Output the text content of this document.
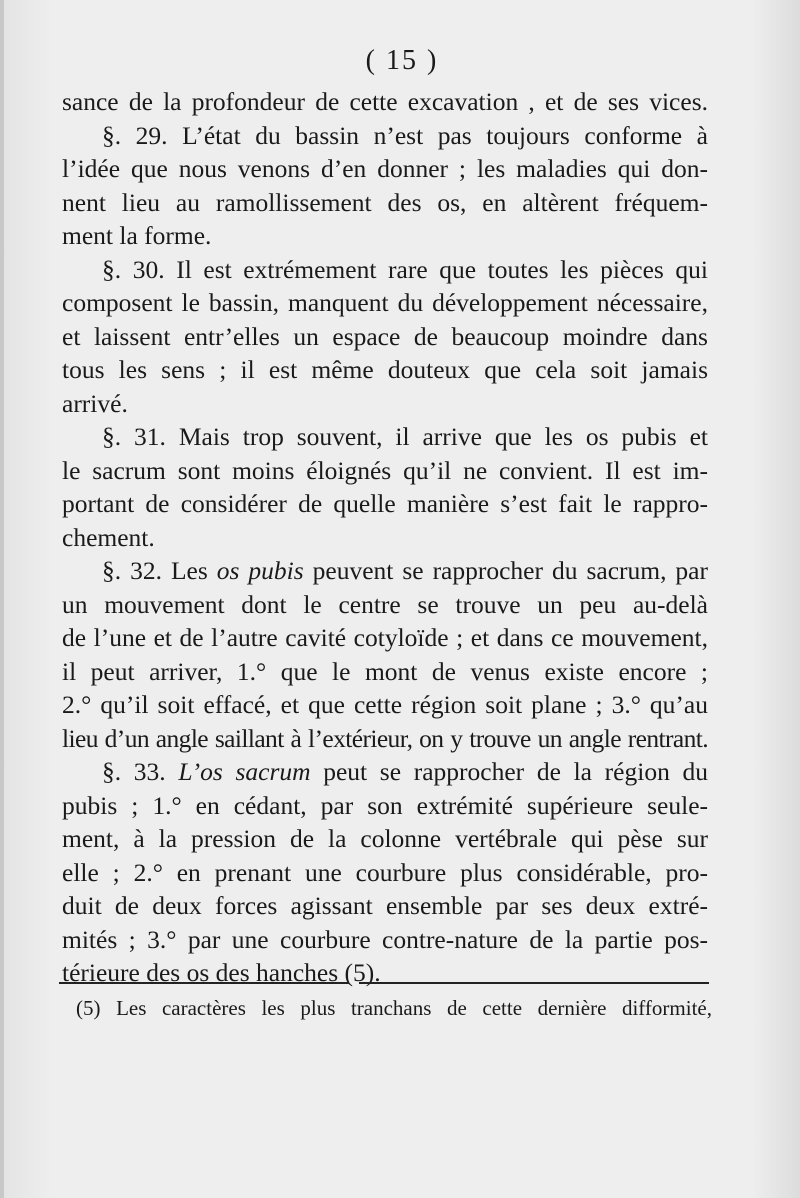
( 15 )
sance de la profondeur de cette excavation , et de ses vices.
§. 29. L’état du bassin n’est pas toujours conforme à
l’idée que nous venons d’en donner ; les maladies qui don-
nent lieu au ramollissement des os, en altèrent fréquem-
ment la forme.
§. 30. Il est extrémement rare que toutes les pièces qui
composent le bassin, manquent du développement nécessaire,
et laissent entr’elles un espace de beaucoup moindre dans
tous les sens ; il est même douteux que cela soit jamais
arrivé.
§. 31. Mais trop souvent, il arrive que les os pubis et
le sacrum sont moins éloignés qu’il ne convient. Il est im-
portant de considérer de quelle manière s’est fait le rappro-
chement.
§. 32. Les os pubis peuvent se rapprocher du sacrum, par
un mouvement dont le centre se trouve un peu au-delà
de l’une et de l’autre cavité cotyloïde ; et dans ce mouvement,
il peut arriver, 1.° que le mont de venus existe encore ;
2.° qu’il soit effacé, et que cette région soit plane ; 3.° qu’au
lieu d’un angle saillant à l’extérieur, on y trouve un angle rentrant.
§. 33. L’os sacrum peut se rapprocher de la région du
pubis ; 1.° en cédant, par son extrémité supérieure seule-
ment, à la pression de la colonne vertébrale qui pèse sur
elle ; 2.° en prenant une courbure plus considérable, pro-
duit de deux forces agissant ensemble par ses deux extré-
mités ; 3.° par une courbure contre-nature de la partie pos-
térieure des os des hanches (5).
(5) Les caractères les plus tranchans de cette dernière difformité,
